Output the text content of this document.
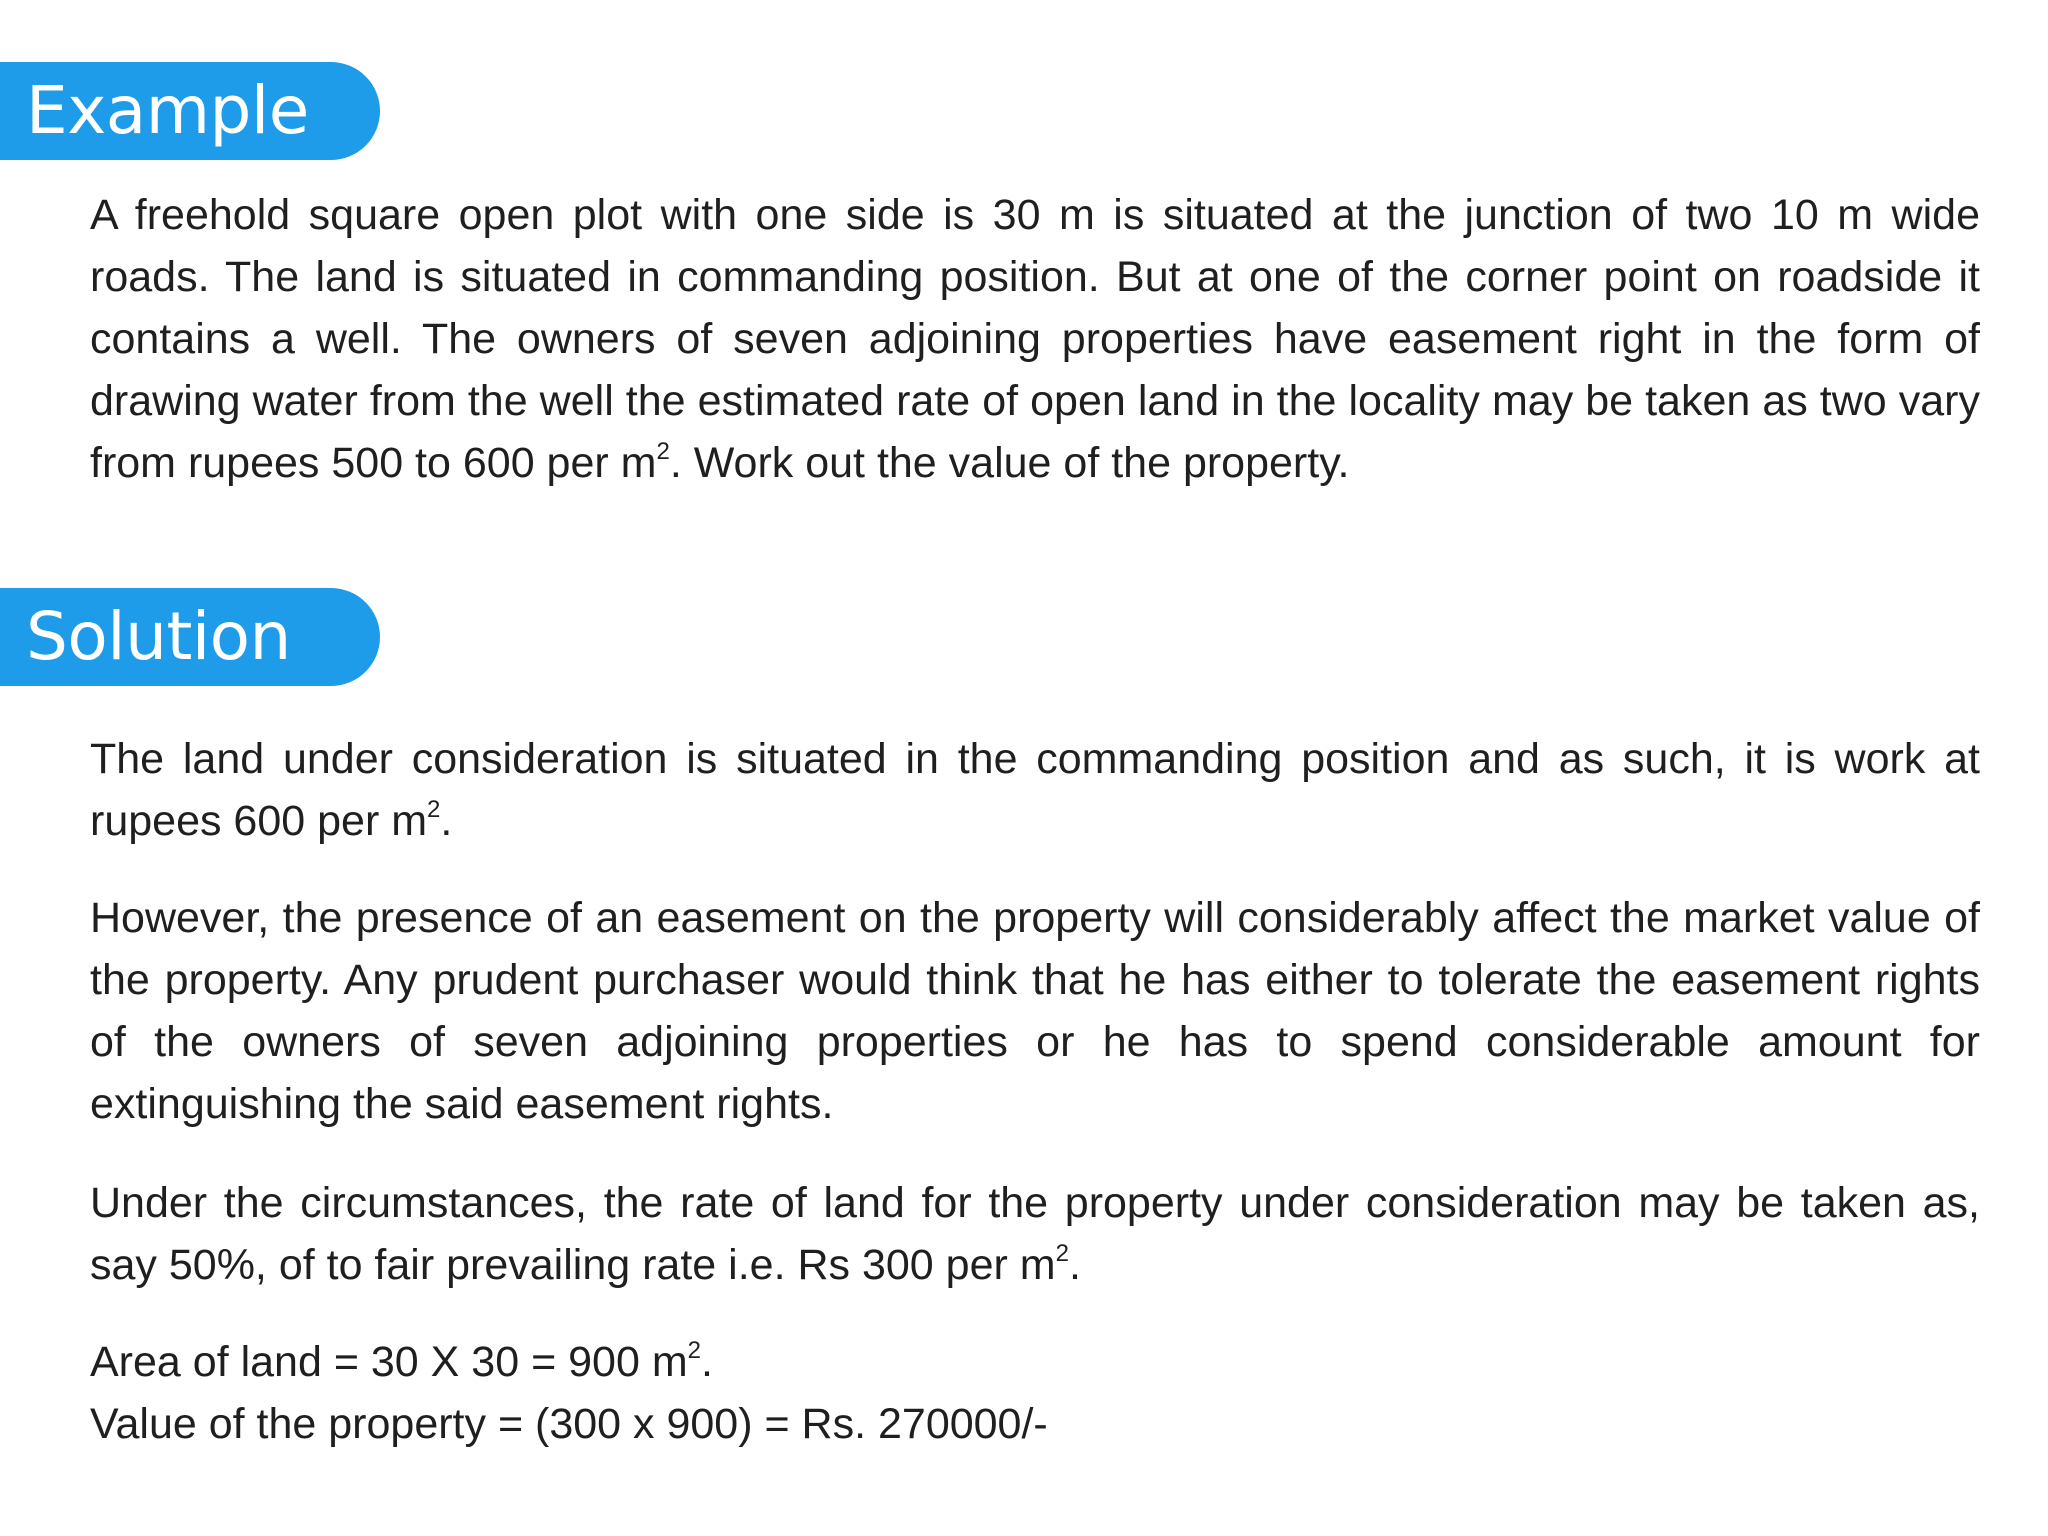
Example

A freehold square open plot with one side is 30 m is situated at the junction of two 10 m wide roads. The land is situated in commanding position. But at one of the corner point on roadside it contains a well. The owners of seven adjoining properties have easement right in the form of drawing water from the well the estimated rate of open land in the locality may be taken as two vary from rupees 500 to 600 per $m^2$. Work out the value of the property.

Solution

The land under consideration is situated in the commanding position and as such, it is work at rupees 600 per $m^2$.

However, the presence of an easement on the property will considerably affect the market value of the property. Any prudent purchaser would think that he has either to tolerate the easement rights of the owners of seven adjoining properties or he has to spend considerable amount for extinguishing the said easement rights.

Under the circumstances, the rate of land for the property under consideration may be taken as, say 50%, of to fair prevailing rate i.e. Rs 300 per $m^2$.

Area of land = 30 X 30 = 900 $m^2$.

Value of the property = (300 x 900) = Rs. 270000/-
